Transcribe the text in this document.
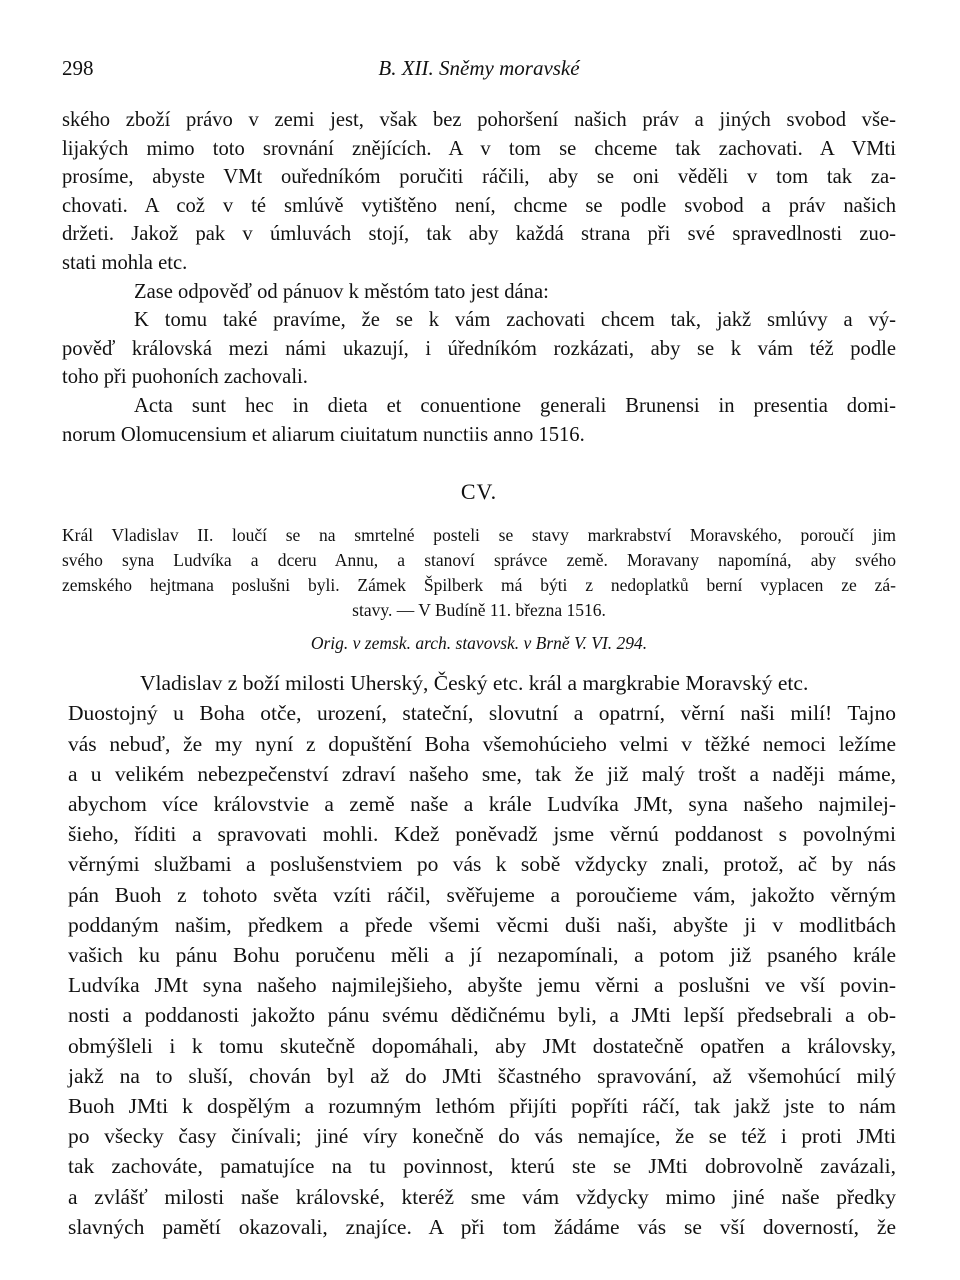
298	B. XII. Sněmy moravské
ského zboží právo v zemi jest, však bez pohoršení našich práv a jiných svobod vše-
lijakých mimo toto srovnání znějících. A v tom se chceme tak zachovati. A VMti
prosíme, abyste VMt ouředníkóm poručiti ráčili, aby se oni věděli v tom tak za-
chovati. A což v té smlúvě vytištěno není, chcme se podle svobod a práv našich
držeti. Jakož pak v úmluvách stojí, tak aby každá strana při své spravedlnosti zuo-
stati mohla etc.
Zase odpověď od pánuov k městóm tato jest dána:
K tomu také pravíme, že se k vám zachovati chcem tak, jakž smlúvy a vý-
pověď královská mezi námi ukazují, i úředníkóm rozkázati, aby se k vám též podle
toho při puohoních zachovali.
Acta sunt hec in dieta et conuentione generali Brunensi in presentia domi-
norum Olomucensium et aliarum ciuitatum nunctiis anno 1516.
CV.
Král Vladislav II. loučí se na smrtelné posteli se stavy markrabství Moravského, poroučí jim
svého syna Ludvíka a dceru Annu, a stanoví správce země. Moravany napomíná, aby svého
zemského hejtmana poslušni byli. Zámek Špilberk má býti z nedoplatků berní vyplacen ze zá-
stavy. — V Budíně 11. března 1516.
Orig. v zemsk. arch. stavovsk. v Brně V. VI. 294.
Vladislav z boží milosti Uherský, Český etc. král a margkrabie Moravský etc.
Duostojný u Boha otče, urození, stateční, slovutní a opatrní, věrní naši milí! Tajno
vás nebuď, že my nyní z dopuštění Boha všemohúcieho velmi v těžké nemoci ležíme
a u velikém nebezpečenství zdraví našeho sme, tak že již malý trošt a naději máme,
abychom více královstvie a země naše a krále Ludvíka JMt, syna našeho najmilej-
šieho, říditi a spravovati mohli. Kdež poněvadž jsme věrnú poddanost s povolnými
věrnými službami a poslušenstviem po vás k sobě vždycky znali, protož, ač by nás
pán Buoh z tohoto světa vzíti ráčil, svěřujeme a poroučieme vám, jakožto věrným
poddaným našim, předkem a přede všemi věcmi duši naši, abyšte ji v modlitbách
vašich ku pánu Bohu poručenu měli a jí nezapomínali, a potom již psaného krále
Ludvíka JMt syna našeho najmilejšieho, abyšte jemu věrni a poslušni ve vší povin-
nosti a poddanosti jakožto pánu svému dědičnému byli, a JMti lepší předsebrali a ob-
obmýšleli i k tomu skutečně dopomáhali, aby JMt dostatečně opatřen a královsky,
jakž na to sluší, chován byl až do JMti ščastného spravování, až všemohúcí milý
Buoh JMti k dospělým a rozumným lethóm přijíti popříti ráčí, tak jakž jste to nám
po všecky časy činívali; jiné víry konečně do vás nemajíce, že se též i proti JMti
tak zachováte, pamatujíce na tu povinnost, kterú ste se JMti dobrovolně zavázali,
a zvlášť milosti naše královské, kteréž sme vám vždycky mimo jiné naše předky
slavných pamětí okazovali, znajíce. A při tom žádáme vás se vší doverností, že
